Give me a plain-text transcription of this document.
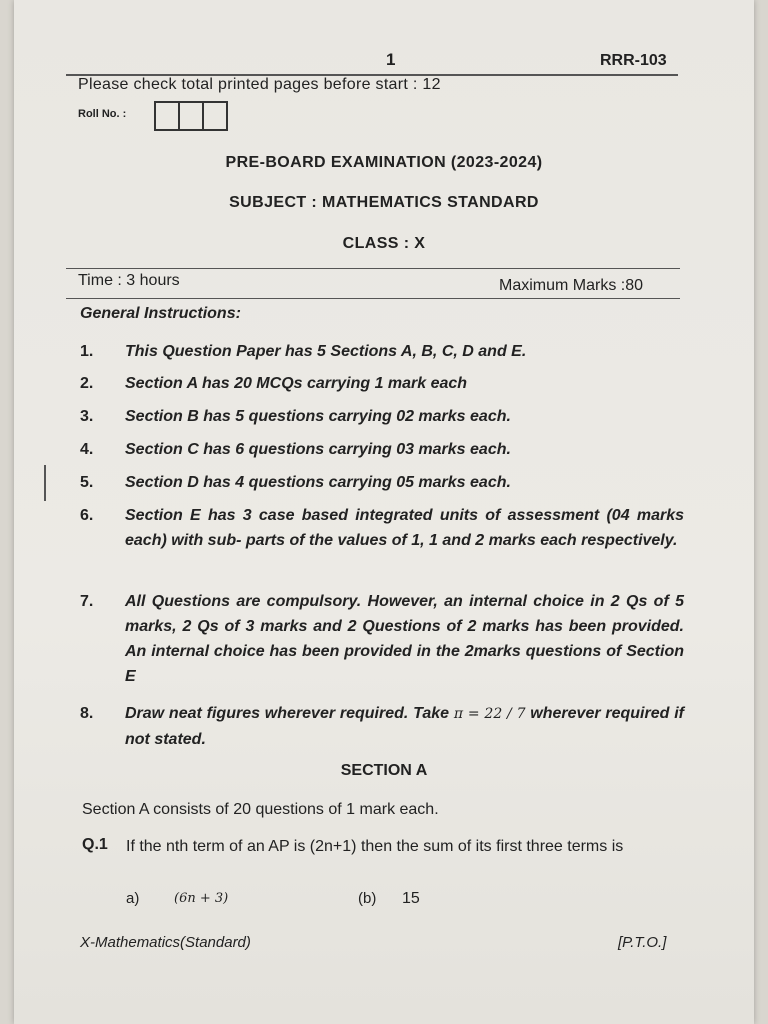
1	RRR-103
Please check total printed pages before start : 12
Roll No. :
PRE-BOARD EXAMINATION (2023-2024)
SUBJECT : MATHEMATICS STANDARD
CLASS : X
Time : 3 hours	Maximum Marks :80
General Instructions:
1. This Question Paper has 5 Sections A, B, C, D and E.
2. Section A has 20 MCQs carrying 1 mark each
3. Section B has 5 questions carrying 02 marks each.
4. Section C has 6 questions carrying 03 marks each.
5. Section D has 4 questions carrying 05 marks each.
6. Section E has 3 case based integrated units of assessment (04 marks each) with sub- parts of the values of 1, 1 and 2 marks each respectively.
7. All Questions are compulsory. However, an internal choice in 2 Qs of 5 marks, 2 Qs of 3 marks and 2 Questions of 2 marks has been provided. An internal choice has been provided in the 2marks questions of Section E
8. Draw neat figures wherever required. Take π = 22 / 7 wherever required if not stated.
SECTION A
Section A consists of 20 questions of 1 mark each.
Q.1 If the nth term of an AP is (2n+1) then the sum of its first three terms is
a)	(6n + 3)	(b) 15
X-Mathematics(Standard)	[P.T.O.]
